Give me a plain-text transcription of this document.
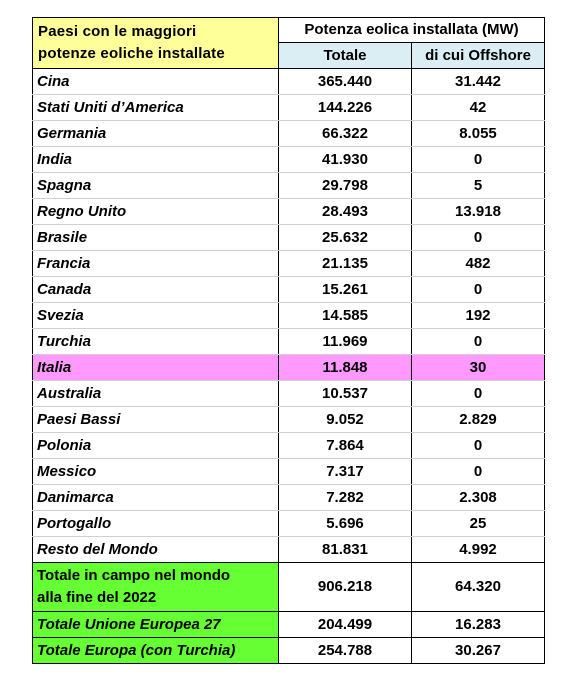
Paesi con le maggiori
potenze eoliche installate	Potenza eolica installata (MW)	
	Totale	di cui Offshore
Cina	365.440	31.442
Stati Uniti d’America	144.226	42
Germania	66.322	8.055
India	41.930	0
Spagna	29.798	5
Regno Unito	28.493	13.918
Brasile	25.632	0
Francia	21.135	482
Canada	15.261	0
Svezia	14.585	192
Turchia	11.969	0
Italia	11.848	30
Australia	10.537	0
Paesi Bassi	9.052	2.829
Polonia	7.864	0
Messico	7.317	0
Danimarca	7.282	2.308
Portogallo	5.696	25
Resto del Mondo	81.831	4.992
Totale in campo nel mondo
alla fine del 2022	906.218	64.320
Totale Unione Europea 27	204.499	16.283
Totale Europa (con Turchia)	254.788	30.267
